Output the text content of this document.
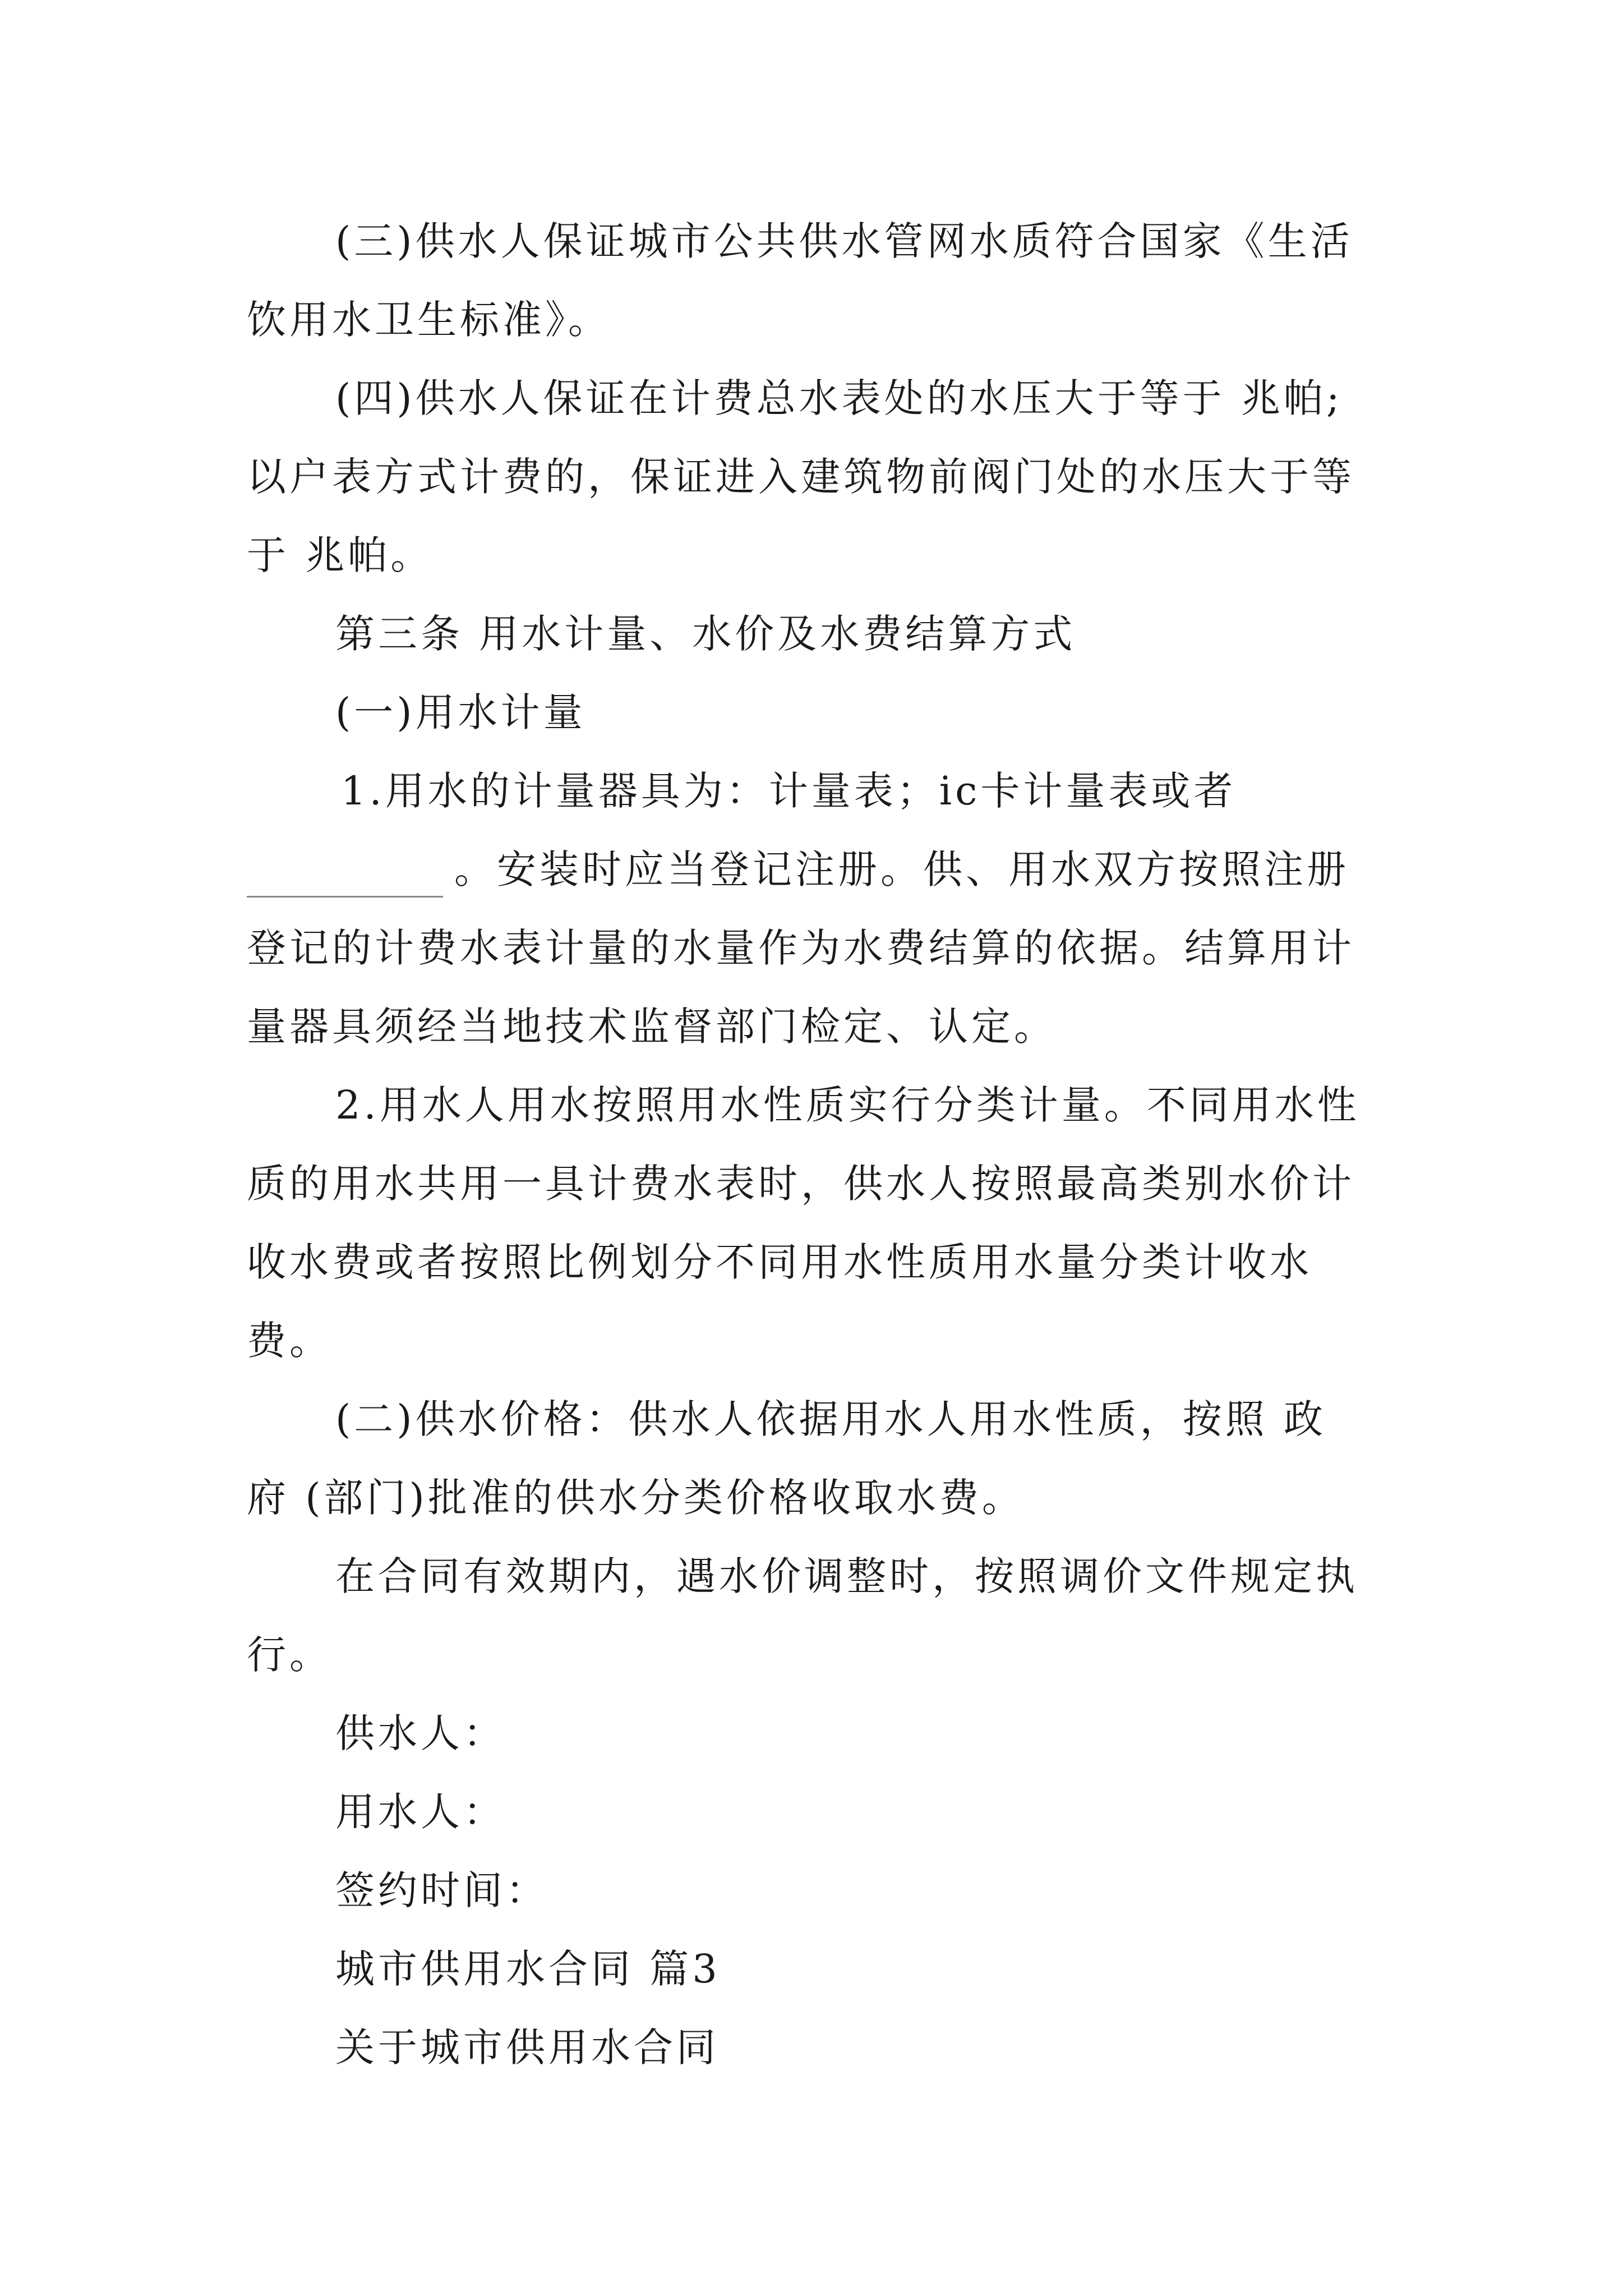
(三)供水人保证城市公共供水管网水质符合国家《生活
饮用水卫生标准》。
(四)供水人保证在计费总水表处的水压大于等于 兆帕;
以户表方式计费的，保证进入建筑物前阀门处的水压大于等
于 兆帕。
第三条 用水计量、水价及水费结算方式
(一)用水计量
1.用水的计量器具为：计量表；ic卡计量表或者
。安装时应当登记注册。供、用水双方按照注册
登记的计费水表计量的水量作为水费结算的依据。结算用计
量器具须经当地技术监督部门检定、认定。
2.用水人用水按照用水性质实行分类计量。不同用水性
质的用水共用一具计费水表时，供水人按照最高类别水价计
收水费或者按照比例划分不同用水性质用水量分类计收水
费。
(二)供水价格：供水人依据用水人用水性质，按照 政
府 (部门)批准的供水分类价格收取水费。
在合同有效期内，遇水价调整时，按照调价文件规定执
行。
供水人：
用水人：
签约时间：
城市供用水合同 篇3
关于城市供用水合同
